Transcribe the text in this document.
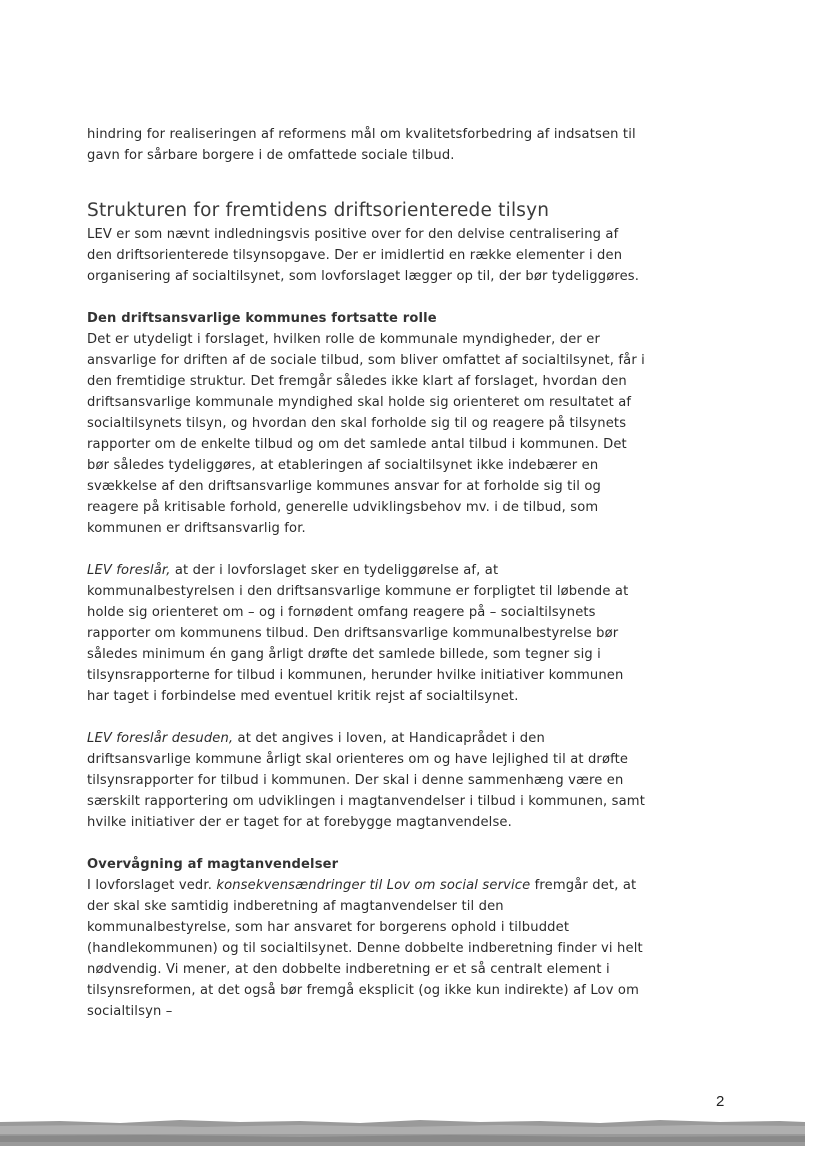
hindring for realiseringen af reformens mål om kvalitetsforbedring af indsatsen til gavn for sårbare borgere i de omfattede sociale tilbud.

Strukturen for fremtidens driftsorienterede tilsyn

LEV er som nævnt indledningsvis positive over for den delvise centralisering af den driftsorienterede tilsynsopgave. Der er imidlertid en række elementer i den organisering af socialtilsynet, som lovforslaget lægger op til, der bør tydeliggøres.

Den driftsansvarlige kommunes fortsatte rolle

Det er utydeligt i forslaget, hvilken rolle de kommunale myndigheder, der er ansvarlige for driften af de sociale tilbud, som bliver omfattet af socialtilsynet, får i den fremtidige struktur. Det fremgår således ikke klart af forslaget, hvordan den driftsansvarlige kommunale myndighed skal holde sig orienteret om resultatet af socialtilsynets tilsyn, og hvordan den skal forholde sig til og reagere på tilsynets rapporter om de enkelte tilbud og om det samlede antal tilbud i kommunen. Det bør således tydeliggøres, at etableringen af socialtilsynet ikke indebærer en svækkelse af den driftsansvarlige kommunes ansvar for at forholde sig til og reagere på kritisable forhold, generelle udviklingsbehov mv. i de tilbud, som kommunen er driftsansvarlig for.

LEV foreslår, at der i lovforslaget sker en tydeliggørelse af, at kommunalbestyrelsen i den driftsansvarlige kommune er forpligtet til løbende at holde sig orienteret om – og i fornødent omfang reagere på – socialtilsynets rapporter om kommunens tilbud. Den driftsansvarlige kommunalbestyrelse bør således minimum én gang årligt drøfte det samlede billede, som tegner sig i tilsynsrapporterne for tilbud i kommunen, herunder hvilke initiativer kommunen har taget i forbindelse med eventuel kritik rejst af socialtilsynet.

LEV foreslår desuden, at det angives i loven, at Handicaprådet i den driftsansvarlige kommune årligt skal orienteres om og have lejlighed til at drøfte tilsynsrapporter for tilbud i kommunen. Der skal i denne sammenhæng være en særskilt rapportering om udviklingen i magtanvendelser i tilbud i kommunen, samt hvilke initiativer der er taget for at forebygge magtanvendelse.

Overvågning af magtanvendelser

I lovforslaget vedr. konsekvensændringer til Lov om social service fremgår det, at der skal ske samtidig indberetning af magtanvendelser til den kommunalbestyrelse, som har ansvaret for borgerens ophold i tilbuddet (handlekommunen) og til socialtilsynet. Denne dobbelte indberetning finder vi helt nødvendig. Vi mener, at den dobbelte indberetning er et så centralt element i tilsynsreformen, at det også bør fremgå eksplicit (og ikke kun indirekte) af Lov om socialtilsyn –

2
